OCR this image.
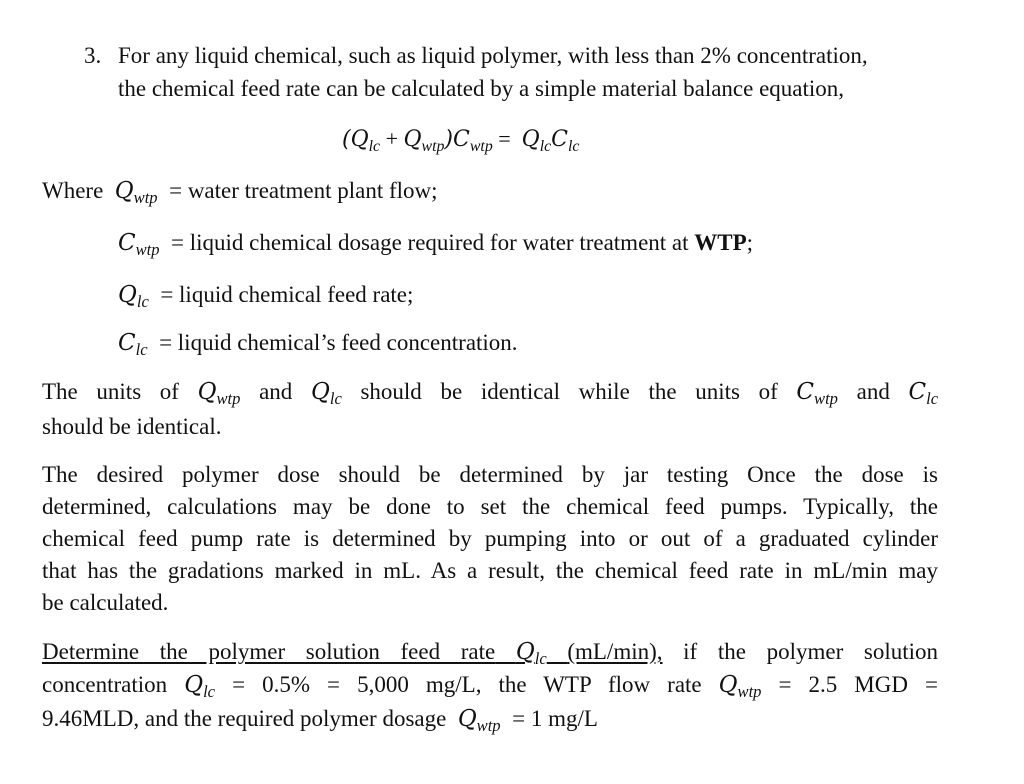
3. For any liquid chemical, such as liquid polymer, with less than 2% concentration,
the chemical feed rate can be calculated by a simple material balance equation,
$(Q_{lc} + Q_{wtp})C_{wtp} = Q_{lc}C_{lc}$
Where $Q_{wtp}$ = water treatment plant flow;
$C_{wtp}$ = liquid chemical dosage required for water treatment at WTP;
$Q_{lc}$ = liquid chemical feed rate;
$C_{lc}$ = liquid chemical’s feed concentration.
The units of $Q_{wtp}$ and $Q_{lc}$ should be identical while the units of $C_{wtp}$ and $C_{lc}$
should be identical.
The desired polymer dose should be determined by jar testing Once the dose is
determined, calculations may be done to set the chemical feed pumps. Typically, the
chemical feed pump rate is determined by pumping into or out of a graduated cylinder
that has the gradations marked in mL. As a result, the chemical feed rate in mL/min may
be calculated.
Determine the polymer solution feed rate $Q_{lc}$ (mL/min), if the polymer solution
concentration $Q_{lc} = 0.5\% = 5,000$ mg/L, the WTP flow rate $Q_{wtp} = 2.5$ MGD =
9.46MLD, and the required polymer dosage $Q_{wtp} = 1$ mg/L
